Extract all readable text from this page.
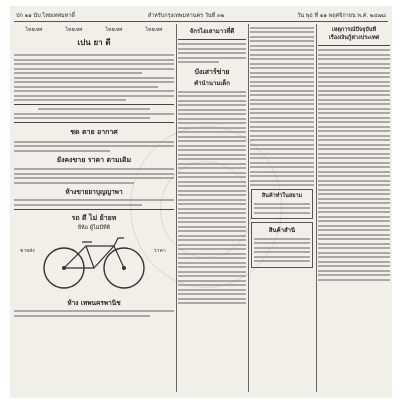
ปก ๒๑ นับ ไทยเทศมหาดิ์	สำหรับกรุงเทพมหานคร วันที่ ๓๒	วัน พุธ ที่ ๑๑ พฤศจิกายน พ.ศ. ๒๔๗๘
ไทยเทศ	ไทยเทศ	ไทยเทศ	ไทยเทศ
เปน ยา ดี
ชด ตาย อากาศ
ยังคงขาย ราคา ตามเดิม
ห้างขายยาบุญญาพา
รถ ดี ไม่ ย้ายท
ยี่ห้อ ผู้ไม่มีที่ติ
ขายส่ง	ราคา
ห้าง เทพนครพานิช
จักรไอเสามาวที่ดี
บังเสาร์ข่าย
คำนำนามเด็ก
สินค้าทำในสยาม
สินค้าสำนิ
เหตุการณ์ปัจจุบันที่
เรื่องเงินกู้ต่างประเทศ
